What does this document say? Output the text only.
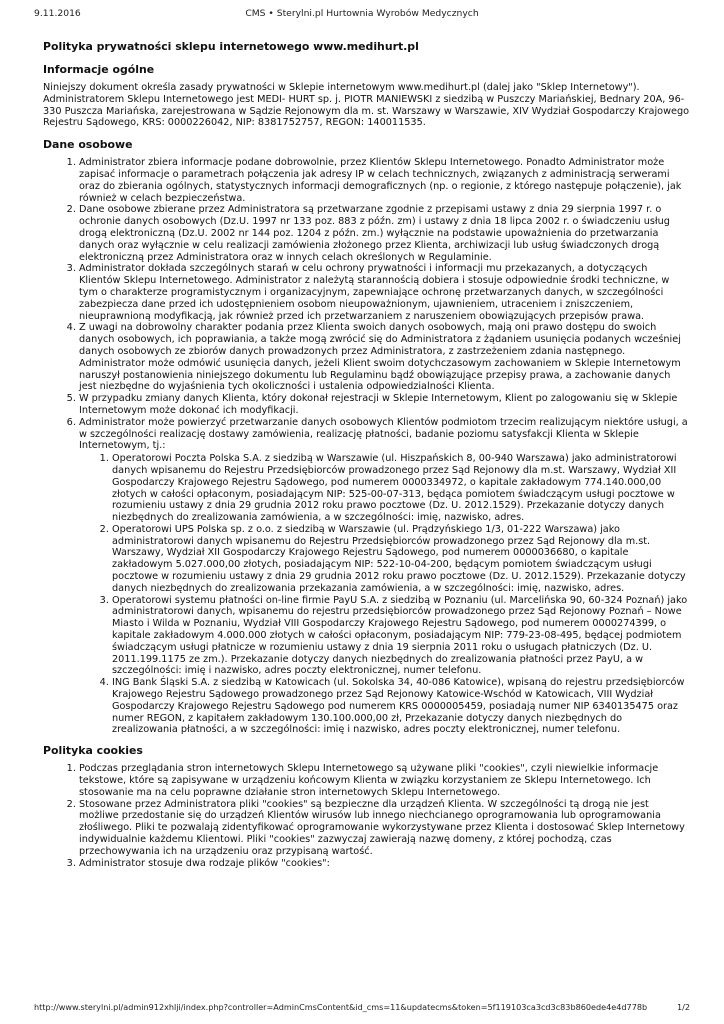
9.11.2016	CMS • Sterylni.pl Hurtownia Wyrobów Medycznych
Polityka prywatności sklepu internetowego www.medihurt.pl
Informacje ogólne

Niniejszy dokument określa zasady prywatności w Sklepie internetowym www.medihurt.pl (dalej jako "Sklep Internetowy"). Administratorem Sklepu Internetowego jest MEDI- HURT sp. j. PIOTR MANIEWSKI z siedzibą w Puszczy Mariańskiej, Bednary 20A, 96-330 Puszcza Mariańska, zarejestrowana w Sądzie Rejonowym dla m. st. Warszawy w Warszawie, XIV Wydział Gospodarczy Krajowego Rejestru Sądowego, KRS: 0000226042, NIP: 8381752757, REGON: 140011535.

Dane osobowe
1. Administrator zbiera informacje podane dobrowolnie, przez Klientów Sklepu Internetowego. Ponadto Administrator może zapisać informacje o parametrach połączenia jak adresy IP w celach technicznych, związanych z administracją serwerami oraz do zbierania ogólnych, statystycznych informacji demograficznych (np. o regionie, z którego następuje połączenie), jak również w celach bezpieczeństwa.
2. Dane osobowe zbierane przez Administratora są przetwarzane zgodnie z przepisami ustawy z dnia 29 sierpnia 1997 r. o ochronie danych osobowych (Dz.U. 1997 nr 133 poz. 883 z późn. zm) i ustawy z dnia 18 lipca 2002 r. o świadczeniu usług drogą elektroniczną (Dz.U. 2002 nr 144 poz. 1204 z późn. zm.) wyłącznie na podstawie upoważnienia do przetwarzania danych oraz wyłącznie w celu realizacji zamówienia złożonego przez Klienta, archiwizacji lub usług świadczonych drogą elektroniczną przez Administratora oraz w innych celach określonych w Regulaminie.
3. Administrator dokłada szczególnych starań w celu ochrony prywatności i informacji mu przekazanych, a dotyczących Klientów Sklepu Internetowego. Administrator z należytą starannością dobiera i stosuje odpowiednie środki techniczne, w tym o charakterze programistycznym i organizacyjnym, zapewniające ochronę przetwarzanych danych, w szczególności zabezpiecza dane przed ich udostępnieniem osobom nieupoważnionym, ujawnieniem, utraceniem i zniszczeniem, nieuprawnioną modyfikacją, jak również przed ich przetwarzaniem z naruszeniem obowiązujących przepisów prawa.
4. Z uwagi na dobrowolny charakter podania przez Klienta swoich danych osobowych, mają oni prawo dostępu do swoich danych osobowych, ich poprawiania, a także mogą zwrócić się do Administratora z żądaniem usunięcia podanych wcześniej danych osobowych ze zbiorów danych prowadzonych przez Administratora, z zastrzeżeniem zdania następnego. Administrator może odmówić usunięcia danych, jeżeli Klient swoim dotychczasowym zachowaniem w Sklepie Internetowym naruszył postanowienia niniejszego dokumentu lub Regulaminu bądź obowiązujące przepisy prawa, a zachowanie danych jest niezbędne do wyjaśnienia tych okoliczności i ustalenia odpowiedzialności Klienta.
5. W przypadku zmiany danych Klienta, który dokonał rejestracji w Sklepie Internetowym, Klient po zalogowaniu się w Sklepie Internetowym może dokonać ich modyfikacji.
6. Administrator może powierzyć przetwarzanie danych osobowych Klientów podmiotom trzecim realizującym niektóre usługi, a w szczególności realizację dostawy zamówienia, realizację płatności, badanie poziomu satysfakcji Klienta w Sklepie Internetowym, tj.:
1. Operatorowi Poczta Polska S.A. z siedzibą w Warszawie (ul. Hiszpańskich 8, 00-940 Warszawa) jako administratorowi danych wpisanemu do Rejestru Przedsiębiorców prowadzonego przez Sąd Rejonowy dla m.st. Warszawy, Wydział XII Gospodarczy Krajowego Rejestru Sądowego, pod numerem 0000334972, o kapitale zakładowym 774.140.000,00 złotych w całości opłaconym, posiadającym NIP: 525-00-07-313, będąca pomiotem świadczącym usługi pocztowe w rozumieniu ustawy z dnia 29 grudnia 2012 roku prawo pocztowe (Dz. U. 2012.1529). Przekazanie dotyczy danych niezbędnych do zrealizowania zamówienia, a w szczególności: imię, nazwisko, adres.
2. Operatorowi UPS Polska sp. z o.o. z siedzibą w Warszawie (ul. Prądzyńskiego 1/3, 01-222 Warszawa) jako administratorowi danych wpisanemu do Rejestru Przedsiębiorców prowadzonego przez Sąd Rejonowy dla m.st. Warszawy, Wydział XII Gospodarczy Krajowego Rejestru Sądowego, pod numerem 0000036680, o kapitale zakładowym 5.027.000,00 złotych, posiadającym NIP: 522-10-04-200, będącym pomiotem świadczącym usługi pocztowe w rozumieniu ustawy z dnia 29 grudnia 2012 roku prawo pocztowe (Dz. U. 2012.1529). Przekazanie dotyczy danych niezbędnych do zrealizowania przekazania zamówienia, a w szczególności: imię, nazwisko, adres.
3. Operatorowi systemu płatności on-line firmie PayU S.A. z siedzibą w Poznaniu (ul. Marcelińska 90, 60-324 Poznań) jako administratorowi danych, wpisanemu do rejestru przedsiębiorców prowadzonego przez Sąd Rejonowy Poznań – Nowe Miasto i Wilda w Poznaniu, Wydział VIII Gospodarczy Krajowego Rejestru Sądowego, pod numerem 0000274399, o kapitale zakładowym 4.000.000 złotych w całości opłaconym, posiadającym NIP: 779-23-08-495, będącej podmiotem świadczącym usługi płatnicze w rozumieniu ustawy z dnia 19 sierpnia 2011 roku o usługach płatniczych (Dz. U. 2011.199.1175 ze zm.). Przekazanie dotyczy danych niezbędnych do zrealizowania płatności przez PayU, a w szczególności: imię i nazwisko, adres poczty elektronicznej, numer telefonu.
4. ING Bank Śląski S.A. z siedzibą w Katowicach (ul. Sokolska 34, 40-086 Katowice), wpisaną do rejestru przedsiębiorców Krajowego Rejestru Sądowego prowadzonego przez Sąd Rejonowy Katowice-Wschód w Katowicach, VIII Wydział Gospodarczy Krajowego Rejestru Sądowego pod numerem KRS 0000005459, posiadają numer NIP 6340135475 oraz numer REGON, z kapitałem zakładowym 130.100.000,00 zł, Przekazanie dotyczy danych niezbędnych do zrealizowania płatności, a w szczególności: imię i nazwisko, adres poczty elektronicznej, numer telefonu.
Polityka cookies
1. Podczas przeglądania stron internetowych Sklepu Internetowego są używane pliki "cookies", czyli niewielkie informacje tekstowe, które są zapisywane w urządzeniu końcowym Klienta w związku korzystaniem ze Sklepu Internetowego. Ich stosowanie ma na celu poprawne działanie stron internetowych Sklepu Internetowego.
2. Stosowane przez Administratora pliki "cookies" są bezpieczne dla urządzeń Klienta. W szczególności tą drogą nie jest możliwe przedostanie się do urządzeń Klientów wirusów lub innego niechcianego oprogramowania lub oprogramowania złośliwego. Pliki te pozwalają zidentyfikować oprogramowanie wykorzystywane przez Klienta i dostosować Sklep Internetowy indywidualnie każdemu Klientowi. Pliki "cookies" zazwyczaj zawierają nazwę domeny, z której pochodzą, czas przechowywania ich na urządzeniu oraz przypisaną wartość.
3. Administrator stosuje dwa rodzaje plików "cookies":
http://www.sterylni.pl/admin912xhlji/index.php?controller=AdminCmsContent&id_cms=11&updatecms&token=5f119103ca3cd3c83b860ede4e4d778b	1/2
